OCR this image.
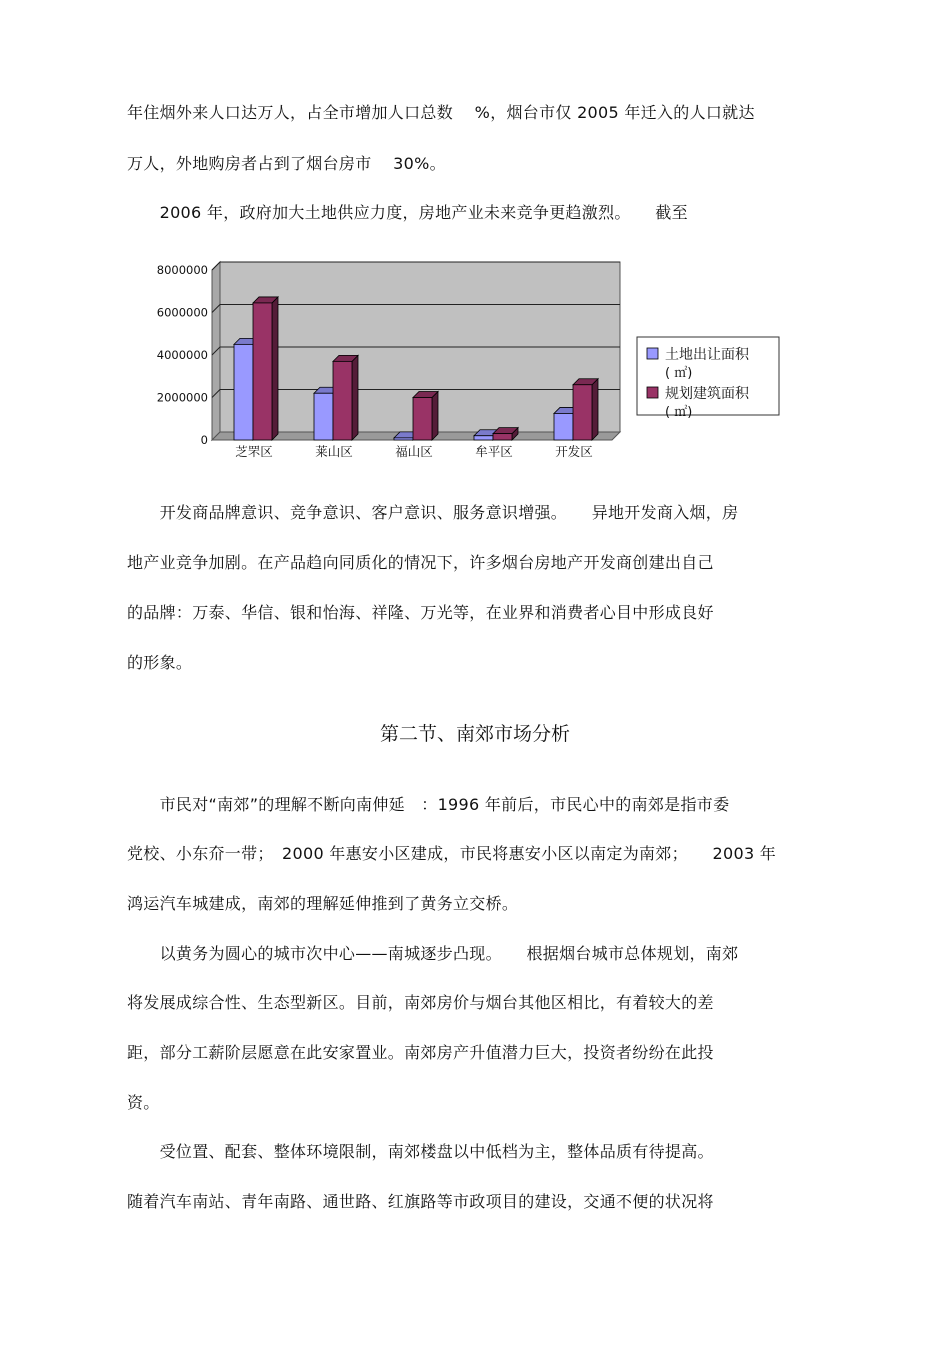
年住烟外来人口达万人，占全市增加人口总数　 %，烟台市仅 2005 年迁入的人口就达
万人，外地购房者占到了烟台房市　 30%。
　　2006 年，政府加大土地供应力度，房地产业未来竞争更趋激烈。　　截至
8000000
6000000
4000000
2000000
0
芝罘区	莱山区	福山区	牟平区	开发区
土地出让面积
( ㎡)
规划建筑面积
( ㎡)
　　开发商品牌意识、竞争意识、客户意识、服务意识增强。　　异地开发商入烟，房
地产业竞争加剧。在产品趋向同质化的情况下，许多烟台房地产开发商创建出自己
的品牌：万泰、华信、银和怡海、祥隆、万光等，在业界和消费者心目中形成良好
的形象。
第二节、南郊市场分析
　　市民对“南郊”的理解不断向南伸延　：1996 年前后，市民心中的南郊是指市委
党校、小东夼一带；　2000 年惠安小区建成，市民将惠安小区以南定为南郊；　　2003 年
鸿运汽车城建成，南郊的理解延伸推到了黄务立交桥。
　　以黄务为圆心的城市次中心——南城逐步凸现。　　根据烟台城市总体规划，南郊
将发展成综合性、生态型新区。目前，南郊房价与烟台其他区相比，有着较大的差
距，部分工薪阶层愿意在此安家置业。南郊房产升值潜力巨大，投资者纷纷在此投
资。
　　受位置、配套、整体环境限制，南郊楼盘以中低档为主，整体品质有待提高。
随着汽车南站、青年南路、通世路、红旗路等市政项目的建设，交通不便的状况将
